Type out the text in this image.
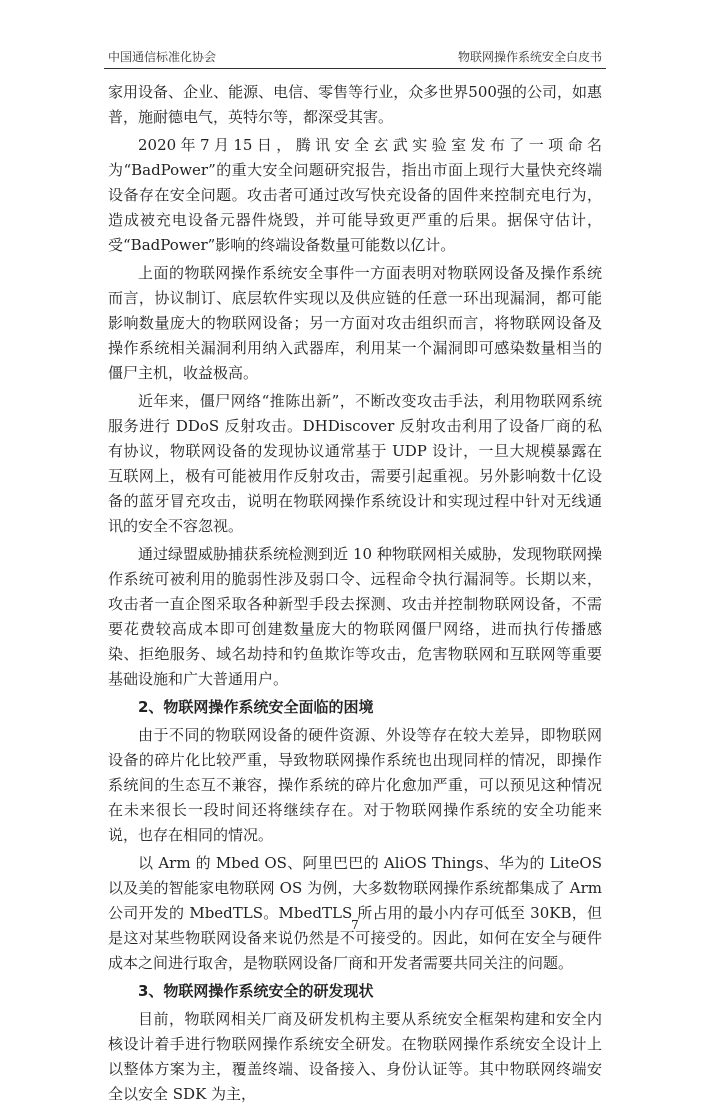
中国通信标准化协会	物联网操作系统安全白皮书

家用设备、企业、能源、电信、零售等行业，众多世界500强的公司，如惠普，施耐德电气，英特尔等，都深受其害。

2020年7月15日，腾讯安全玄武实验室发布了一项命名为“BadPower”的重大安全问题研究报告，指出市面上现行大量快充终端设备存在安全问题。攻击者可通过改写快充设备的固件来控制充电行为，造成被充电设备元器件烧毁，并可能导致更严重的后果。据保守估计，受“BadPower”影响的终端设备数量可能数以亿计。

上面的物联网操作系统安全事件一方面表明对物联网设备及操作系统而言，协议制订、底层软件实现以及供应链的任意一环出现漏洞，都可能影响数量庞大的物联网设备；另一方面对攻击组织而言，将物联网设备及操作系统相关漏洞利用纳入武器库，利用某一个漏洞即可感染数量相当的僵尸主机，收益极高。

近年来，僵尸网络“推陈出新”，不断改变攻击手法，利用物联网系统服务进行 DDoS 反射攻击。DHDiscover 反射攻击利用了设备厂商的私有协议，物联网设备的发现协议通常基于 UDP 设计，一旦大规模暴露在互联网上，极有可能被用作反射攻击，需要引起重视。另外影响数十亿设备的蓝牙冒充攻击，说明在物联网操作系统设计和实现过程中针对无线通讯的安全不容忽视。

通过绿盟威胁捕获系统检测到近 10 种物联网相关威胁，发现物联网操作系统可被利用的脆弱性涉及弱口令、远程命令执行漏洞等。长期以来，攻击者一直企图采取各种新型手段去探测、攻击并控制物联网设备，不需要花费较高成本即可创建数量庞大的物联网僵尸网络，进而执行传播感染、拒绝服务、域名劫持和钓鱼欺诈等攻击，危害物联网和互联网等重要基础设施和广大普通用户。

2、物联网操作系统安全面临的困境

由于不同的物联网设备的硬件资源、外设等存在较大差异，即物联网设备的碎片化比较严重，导致物联网操作系统也出现同样的情况，即操作系统间的生态互不兼容，操作系统的碎片化愈加严重，可以预见这种情况在未来很长一段时间还将继续存在。对于物联网操作系统的安全功能来说，也存在相同的情况。

以 Arm 的 Mbed OS、阿里巴巴的 AliOS Things、华为的 LiteOS 以及美的智能家电物联网 OS 为例，大多数物联网操作系统都集成了 Arm 公司开发的 MbedTLS。MbedTLS 所占用的最小内存可低至 30KB，但是这对某些物联网设备来说仍然是不可接受的。因此，如何在安全与硬件成本之间进行取舍，是物联网设备厂商和开发者需要共同关注的问题。

3、物联网操作系统安全的研发现状

目前，物联网相关厂商及研发机构主要从系统安全框架构建和安全内核设计着手进行物联网操作系统安全研发。在物联网操作系统安全设计上以整体方案为主，覆盖终端、设备接入、身份认证等。其中物联网终端安全以安全 SDK 为主，

7
